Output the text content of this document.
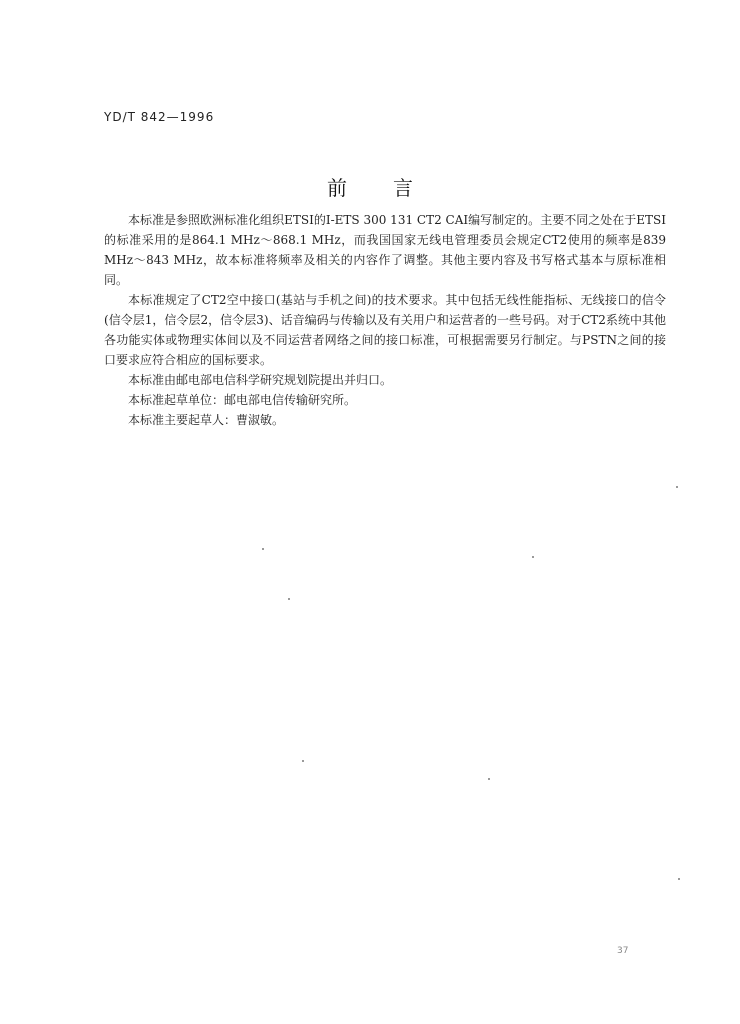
YD/T 842—1996
前 言

本标准是参照欧洲标准化组织ETSI的I-ETS 300 131 CT2 CAI编写制定的。主要不同之处在于ETSI的标准采用的是864.1 MHz～868.1 MHz，而我国国家无线电管理委员会规定CT2使用的频率是839 MHz～843 MHz，故本标准将频率及相关的内容作了调整。其他主要内容及书写格式基本与原标准相同。

本标准规定了CT2空中接口(基站与手机之间)的技术要求。其中包括无线性能指标、无线接口的信令(信令层1，信令层2，信令层3)、话音编码与传输以及有关用户和运营者的一些号码。对于CT2系统中其他各功能实体或物理实体间以及不同运营者网络之间的接口标准，可根据需要另行制定。与PSTN之间的接口要求应符合相应的国标要求。

本标准由邮电部电信科学研究规划院提出并归口。

本标准起草单位：邮电部电信传输研究所。

本标准主要起草人：曹淑敏。

37
